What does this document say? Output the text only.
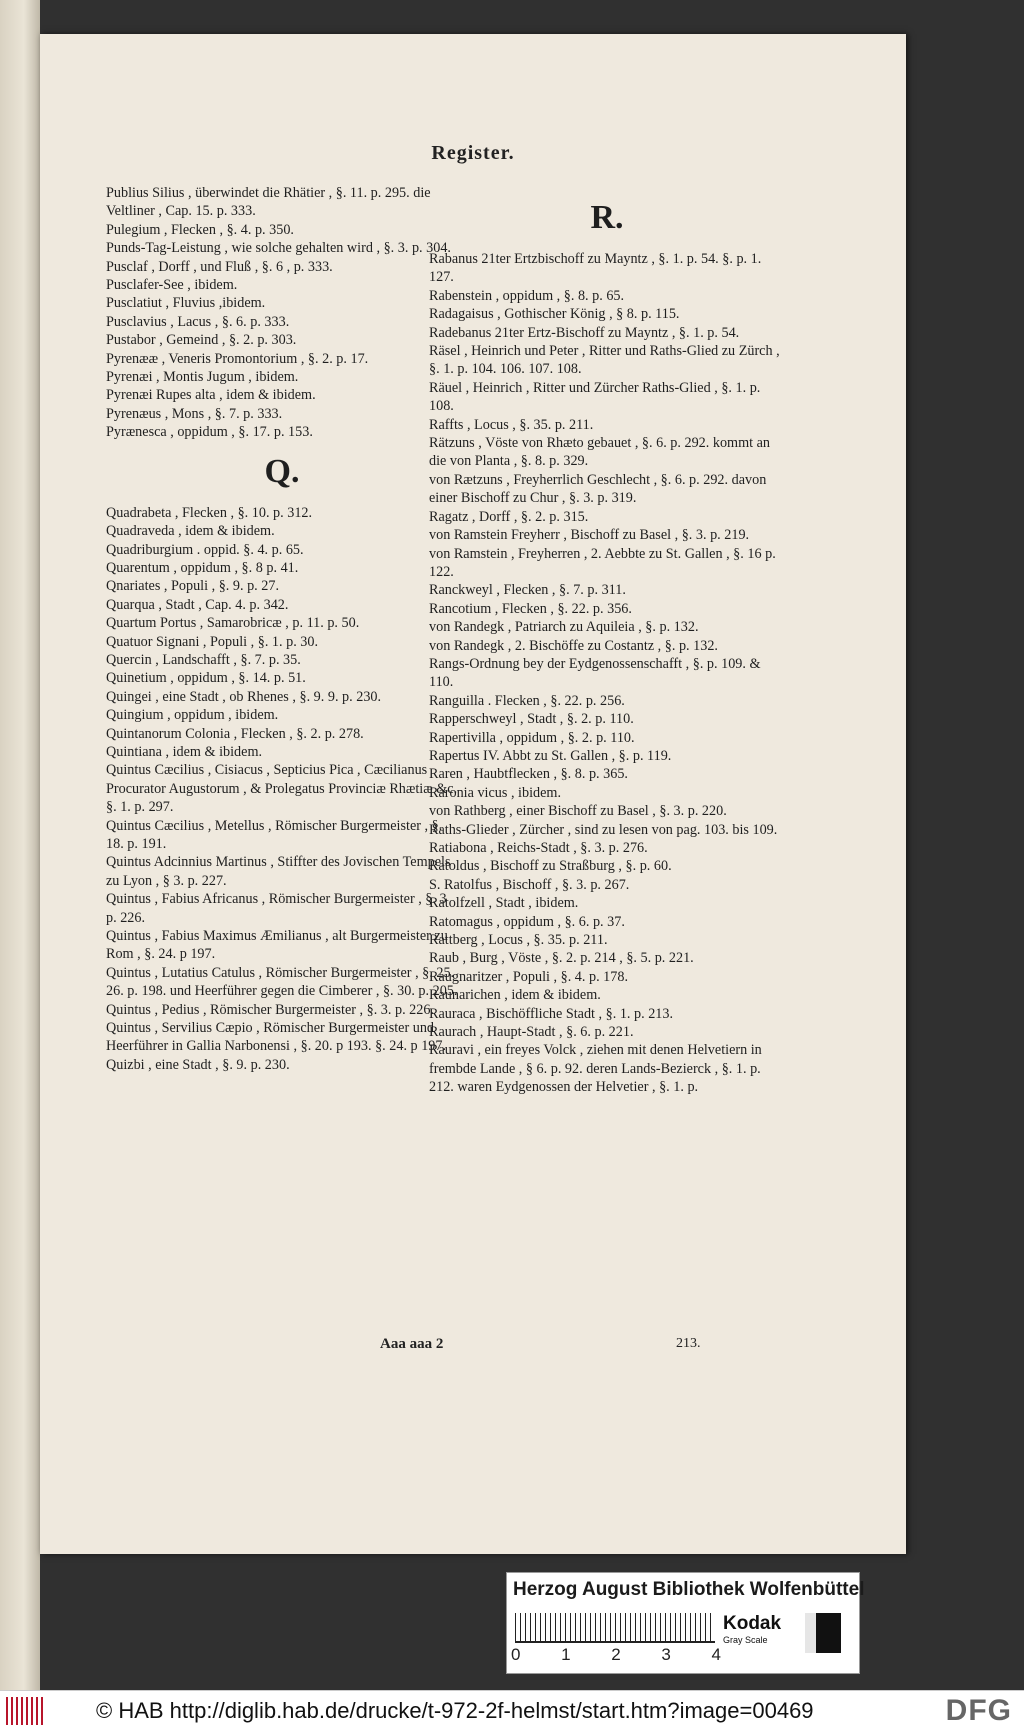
Register.

Publius Silius , überwindet die Rhätier , §. 11. p. 295. die Veltliner , Cap. 15. p. 333.

Pulegium , Flecken , §. 4. p. 350.

Punds-Tag-Leistung , wie solche gehalten wird , §. 3. p. 304.

Pusclaf , Dorff , und Fluß , §. 6 , p. 333.

Pusclafer-See , ibidem.

Pusclatiut , Fluvius ,ibidem.

Pusclavius , Lacus , §. 6. p. 333.

Pustabor , Gemeind , §. 2. p. 303.

Pyrenææ , Veneris Promontorium , §. 2. p. 17.

Pyrenæi , Montis Jugum , ibidem.

Pyrenæi Rupes alta , idem & ibidem.

Pyrenæus , Mons , §. 7. p. 333.

Pyrænesca , oppidum , §. 17. p. 153.

Q.

Quadrabeta , Flecken , §. 10. p. 312.

Quadraveda , idem & ibidem.

Quadriburgium . oppid. §. 4. p. 65.

Quarentum , oppidum , §. 8 p. 41.

Qnariates , Populi , §. 9. p. 27.

Quarqua , Stadt , Cap. 4. p. 342.

Quartum Portus , Samarobricæ , p. 11. p. 50.

Quatuor Signani , Populi , §. 1. p. 30.

Quercin , Landschafft , §. 7. p. 35.

Quinetium , oppidum , §. 14. p. 51.

Quingei , eine Stadt , ob Rhenes , §. 9. 9. p. 230.

Quingium , oppidum , ibidem.

Quintanorum Colonia , Flecken , §. 2. p. 278.

Quintiana , idem & ibidem.

Quintus Cæcilius , Cisiacus , Septicius Pica , Cæcilianus Procurator Augustorum , & Prolegatus Provinciæ Rhætiæ &c. §. 1. p. 297.

Quintus Cæcilius , Metellus , Römischer Burgermeister , §. 18. p. 191.

Quintus Adcinnius Martinus , Stiffter des Jovischen Tempels zu Lyon , § 3. p. 227.

Quintus , Fabius Africanus , Römischer Burgermeister , §. 3 p. 226.

Quintus , Fabius Maximus Æmilianus , alt Burgermeister zu Rom , §. 24. p 197.

Quintus , Lutatius Catulus , Römischer Burgermeister , §. 25. 26. p. 198. und Heerführer gegen die Cimberer , §. 30. p. 205.

Quintus , Pedius , Römischer Burgermeister , §. 3. p. 226.

Quintus , Servilius Cæpio , Römischer Burgermeister und Heerführer in Gallia Narbonensi , §. 20. p 193. §. 24. p 197.

Quizbi , eine Stadt , §. 9. p. 230.

R.

Rabanus 21ter Ertzbischoff zu Mayntz , §. 1. p. 54. §. p. 1. 127.

Rabenstein , oppidum , §. 8. p. 65.

Radagaisus , Gothischer König , § 8. p. 115.

Radebanus 21ter Ertz-Bischoff zu Mayntz , §. 1. p. 54.

Räsel , Heinrich und Peter , Ritter und Raths-Glied zu Zürch , §. 1. p. 104. 106. 107. 108.

Räuel , Heinrich , Ritter und Zürcher Raths-Glied , §. 1. p. 108.

Raffts , Locus , §. 35. p. 211.

Rätzuns , Vöste von Rhæto gebauet , §. 6. p. 292. kommt an die von Planta , §. 8. p. 329.

von Rætzuns , Freyherrlich Geschlecht , §. 6. p. 292. davon einer Bischoff zu Chur , §. 3. p. 319.

Ragatz , Dorff , §. 2. p. 315.

von Ramstein Freyherr , Bischoff zu Basel , §. 3. p. 219.

von Ramstein , Freyherren , 2. Aebbte zu St. Gallen , §. 16 p. 122.

Ranckweyl , Flecken , §. 7. p. 311.

Rancotium , Flecken , §. 22. p. 356.

von Randegk , Patriarch zu Aquileia , §. p. 132.

von Randegk , 2. Bischöffe zu Costantz , §. p. 132.

Rangs-Ordnung bey der Eydgenossenschafft , §. p. 109. & 110.

Ranguilla . Flecken , §. 22. p. 256.

Rapperschweyl , Stadt , §. 2. p. 110.

Rapertivilla , oppidum , §. 2. p. 110.

Rapertus IV. Abbt zu St. Gallen , §. p. 119.

Raren , Haubtflecken , §. 8. p. 365.

Raronia vicus , ibidem.

von Rathberg , einer Bischoff zu Basel , §. 3. p. 220.

Raths-Glieder , Zürcher , sind zu lesen von pag. 103. bis 109.

Ratiabona , Reichs-Stadt , §. 3. p. 276.

Ratoldus , Bischoff zu Straßburg , §. p. 60.

S. Ratolfus , Bischoff , §. 3. p. 267.

Ratolfzell , Stadt , ibidem.

Ratomagus , oppidum , §. 6. p. 37.

Rattberg , Locus , §. 35. p. 211.

Raub , Burg , Vöste , §. 2. p. 214 , §. 5. p. 221.

Raugnaritzer , Populi , §. 4. p. 178.

Raunarichen , idem & ibidem.

Rauraca , Bischöffliche Stadt , §. 1. p. 213.

Raurach , Haupt-Stadt , §. 6. p. 221.

Rauravi , ein freyes Volck , ziehen mit denen Helvetiern in frembde Lande , § 6. p. 92. deren Lands-Bezierck , §. 1. p. 212. waren Eydgenossen der Helvetier , §. 1. p.

Aaa aaa 2	213.
Herzog August Bibliothek Wolfenbüttel
0 1 2 3 4
Kodak
Gray Scale
© HAB http://diglib.hab.de/drucke/t-972-2f-helmst/start.htm?image=00469	DFG
